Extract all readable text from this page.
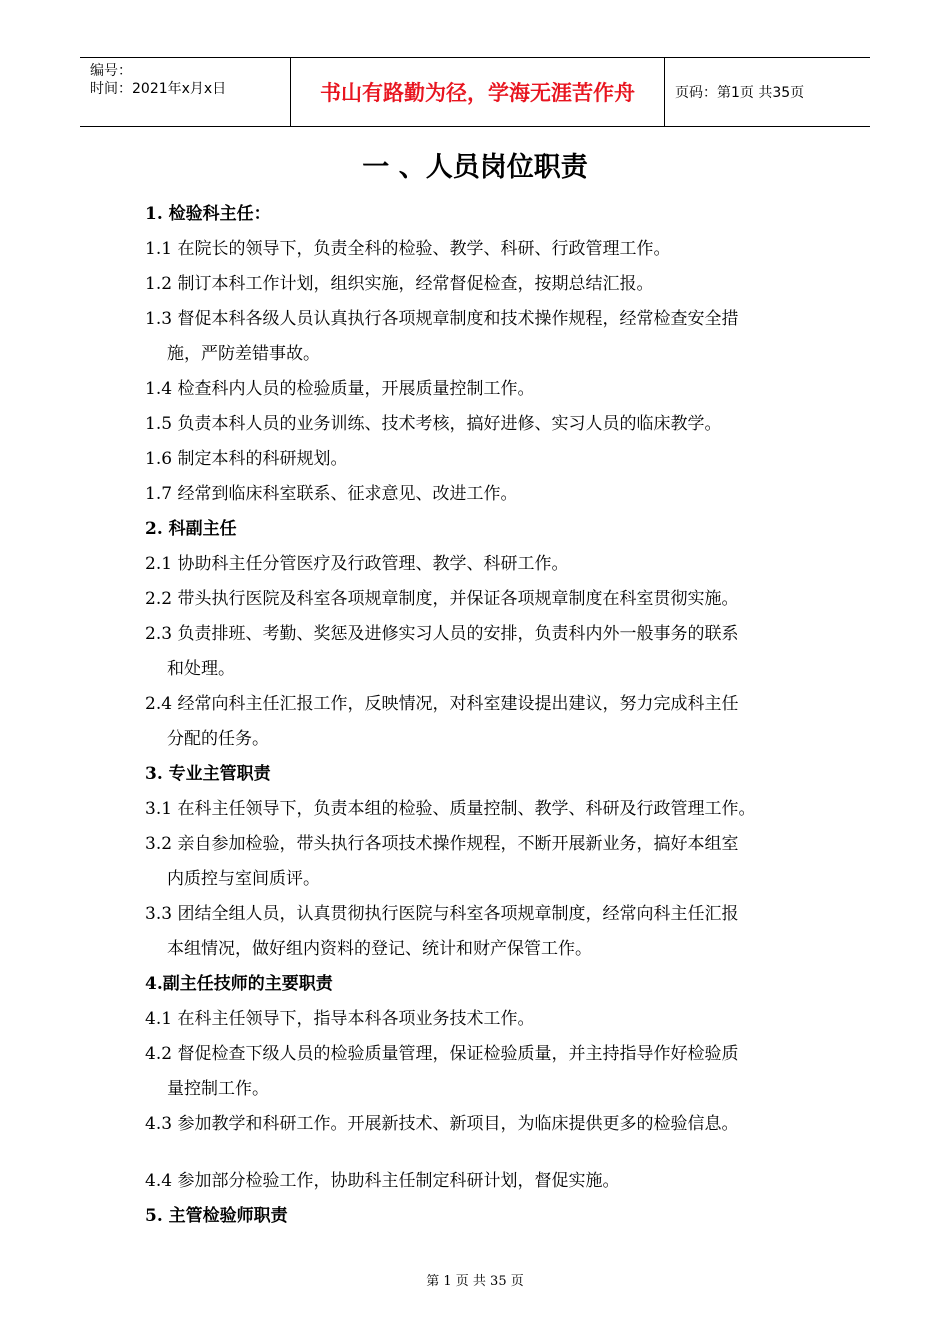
编号：
时间：2021年x月x日	书山有路勤为径，学海无涯苦作舟	页码：第1页 共35页
一 、人员岗位职责
1. 检验科主任：
1.1 在院长的领导下，负责全科的检验、教学、科研、行政管理工作。
1.2 制订本科工作计划，组织实施，经常督促检查，按期总结汇报。
1.3 督促本科各级人员认真执行各项规章制度和技术操作规程，经常检查安全措
施，严防差错事故。
1.4 检查科内人员的检验质量，开展质量控制工作。
1.5 负责本科人员的业务训练、技术考核，搞好进修、实习人员的临床教学。
1.6 制定本科的科研规划。
1.7 经常到临床科室联系、征求意见、改进工作。
2. 科副主任
2.1 协助科主任分管医疗及行政管理、教学、科研工作。
2.2 带头执行医院及科室各项规章制度，并保证各项规章制度在科室贯彻实施。
2.3 负责排班、考勤、奖惩及进修实习人员的安排，负责科内外一般事务的联系
和处理。
2.4 经常向科主任汇报工作，反映情况，对科室建设提出建议，努力完成科主任
分配的任务。
3. 专业主管职责
3.1 在科主任领导下，负责本组的检验、质量控制、教学、科研及行政管理工作。
3.2 亲自参加检验，带头执行各项技术操作规程，不断开展新业务，搞好本组室
内质控与室间质评。
3.3 团结全组人员，认真贯彻执行医院与科室各项规章制度，经常向科主任汇报
本组情况，做好组内资料的登记、统计和财产保管工作。
4.副主任技师的主要职责
4.1 在科主任领导下，指导本科各项业务技术工作。
4.2 督促检查下级人员的检验质量管理，保证检验质量，并主持指导作好检验质
量控制工作。
4.3 参加教学和科研工作。开展新技术、新项目，为临床提供更多的检验信息。
4.4 参加部分检验工作，协助科主任制定科研计划，督促实施。
5. 主管检验师职责
第 1 页 共 35 页
